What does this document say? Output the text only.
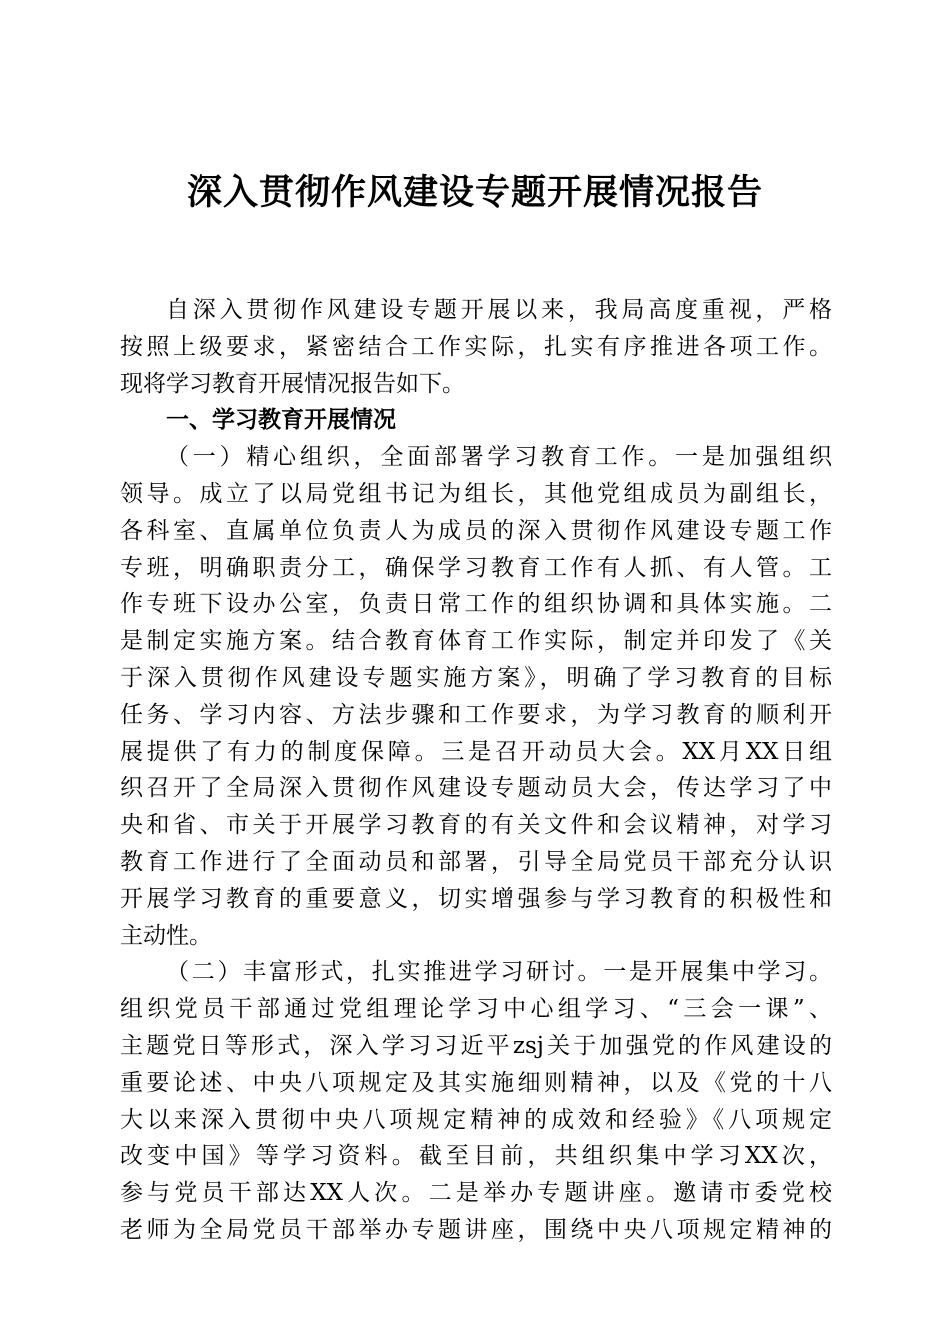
深入贯彻作风建设专题开展情况报告
自深入贯彻作风建设专题开展以来，我局高度重视，严格
按照上级要求，紧密结合工作实际，扎实有序推进各项工作。
现将学习教育开展情况报告如下。
一、学习教育开展情况
（一）精心组织，全面部署学习教育工作。一是加强组织
领导。成立了以局党组书记为组长，其他党组成员为副组长，
各科室、直属单位负责人为成员的深入贯彻作风建设专题工作
专班，明确职责分工，确保学习教育工作有人抓、有人管。工
作专班下设办公室，负责日常工作的组织协调和具体实施。二
是制定实施方案。结合教育体育工作实际，制定并印发了《关
于深入贯彻作风建设专题实施方案》，明确了学习教育的目标
任务、学习内容、方法步骤和工作要求，为学习教育的顺利开
展提供了有力的制度保障。三是召开动员大会。XX月XX日组
织召开了全局深入贯彻作风建设专题动员大会，传达学习了中
央和省、市关于开展学习教育的有关文件和会议精神，对学习
教育工作进行了全面动员和部署，引导全局党员干部充分认识
开展学习教育的重要意义，切实增强参与学习教育的积极性和
主动性。
（二）丰富形式，扎实推进学习研讨。一是开展集中学习。
组织党员干部通过党组理论学习中心组学习、“三会一课”、
主题党日等形式，深入学习习近平zsj关于加强党的作风建设的
重要论述、中央八项规定及其实施细则精神，以及《党的十八
大以来深入贯彻中央八项规定精神的成效和经验》《八项规定
改变中国》等学习资料。截至目前，共组织集中学习XX次，
参与党员干部达XX人次。二是举办专题讲座。邀请市委党校
老师为全局党员干部举办专题讲座，围绕中央八项规定精神的
